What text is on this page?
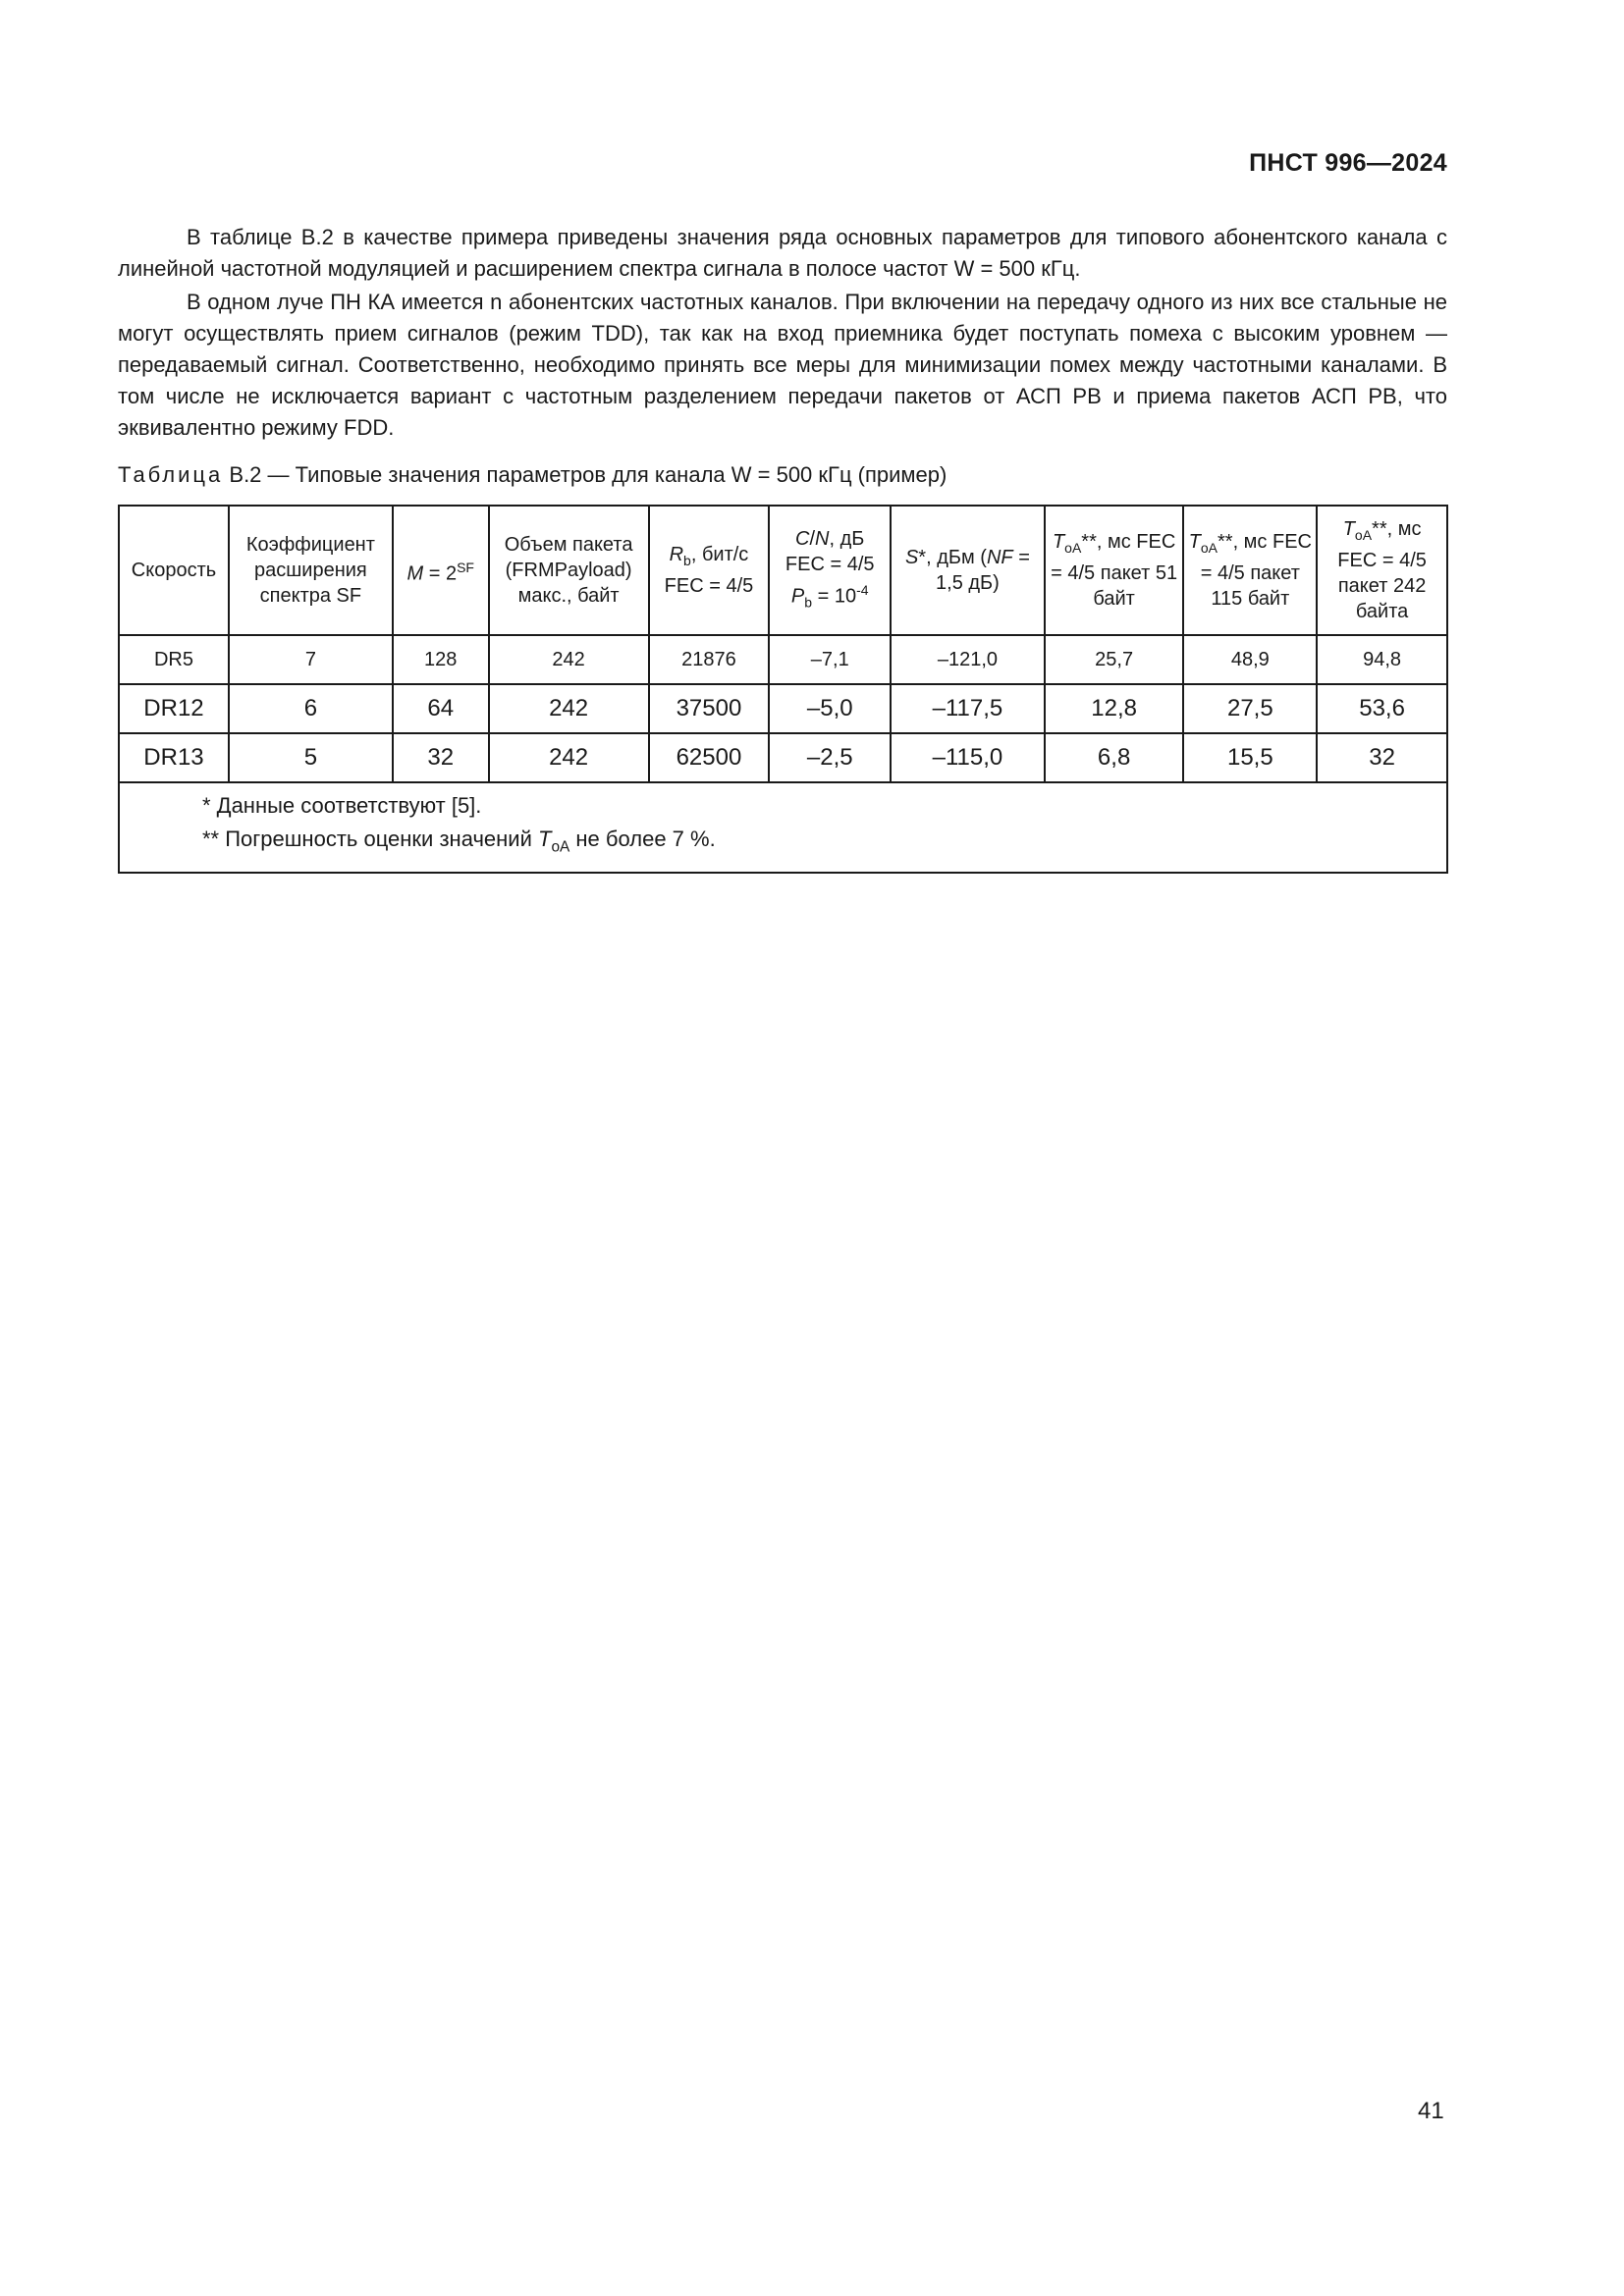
ПНСТ 996—2024

В таблице В.2 в качестве примера приведены значения ряда основных параметров для типового абонентского канала с линейной частотной модуляцией и расширением спектра сигнала в полосе частот W = 500 кГц.

В одном луче ПН КА имеется n абонентских частотных каналов. При включении на передачу одного из них все стальные не могут осуществлять прием сигналов (режим TDD), так как на вход приемника будет поступать помеха с высоким уровнем — передаваемый сигнал. Соответственно, необходимо принять все меры для минимизации помех между частотными каналами. В том числе не исключается вариант с частотным разделением передачи пакетов от АСП РВ и приема пакетов АСП РВ, что эквивалентно режиму FDD.

Таблица В.2 — Типовые значения параметров для канала W = 500 кГц (пример)
Скорость	Коэффициент расширения спектра SF	$M = 2^{SF}$	Объем пакета (FRMPayload) макс., байт	$R_b$, бит/с FEC = 4/5	C/N, дБ FEC = 4/5 $P_b = 10^{-4}$	S*, дБм (NF = 1,5 дБ)	$T_{oA}**$, мс FEC = 4/5 пакет 51 байт	$T_{oA}**$, мс FEC = 4/5 пакет 115 байт	$T_{oA}**$, мс FEC = 4/5 пакет 242 байта
DR5	7	128	242	21876	–7,1	–121,0	25,7	48,9	94,8
DR12	6	64	242	37500	–5,0	–117,5	12,8	27,5	53,6
DR13	5	32	242	62500	–2,5	–115,0	6,8	15,5	32

* Данные соответствуют [5].
** Погрешность оценки значений $T_{oA}$ не более 7 %.									
41
